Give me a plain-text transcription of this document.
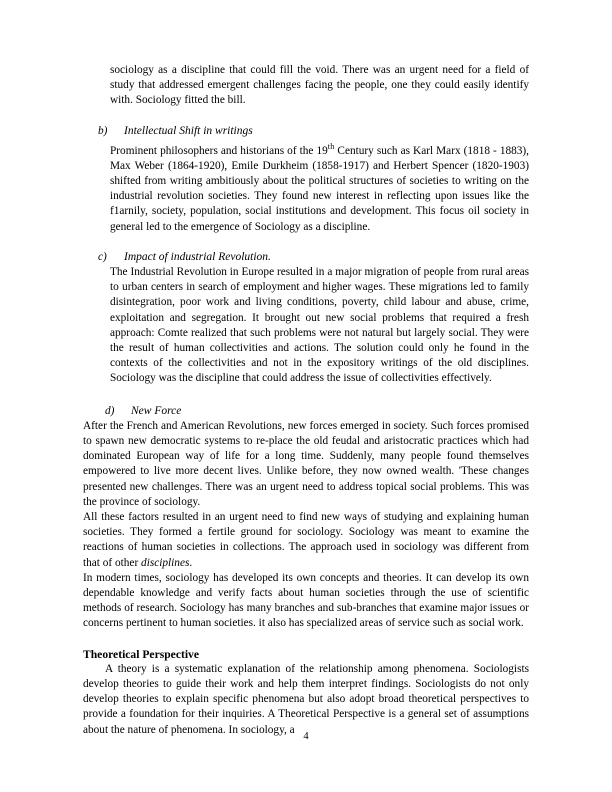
sociology as a discipline that could fill the void. There was an urgent need for a field of study that addressed emergent challenges facing the people, one they could easily identify with. Sociology fitted the bill.

b) Intellectual Shift in writings

Prominent philosophers and historians of the 19th Century such as Karl Marx (1818 - 1883), Max Weber (1864-1920), Emile Durkheim (1858-1917) and Herbert Spencer (1820-1903) shifted from writing ambitiously about the political structures of societies to writing on the industrial revolution societies. They found new interest in reflecting upon issues like the f1arnily, society, population, social institutions and development. This focus oil society in general led to the emergence of Sociology as a discipline.

c) Impact of industrial Revolution.

The Industrial Revolution in Europe resulted in a major migration of people from rural areas to urban centers in search of employment and higher wages. These migrations led to family disintegration, poor work and living conditions, poverty, child labour and abuse, crime, exploitation and segregation. It brought out new social problems that required a fresh approach: Comte realized that such problems were not natural but largely social. They were the result of human collectivities and actions. The solution could only he found in the contexts of the collectivities and not in the expository writings of the old disciplines. Sociology was the discipline that could address the issue of collectivities effectively.

d) New Force

After the French and American Revolutions, new forces emerged in society. Such forces promised to spawn new democratic systems to re-place the old feudal and aristocratic practices which had dominated European way of life for a long time. Suddenly, many people found themselves empowered to live more decent lives. Unlike before, they now owned wealth. 'These changes presented new challenges. There was an urgent need to address topical social problems. This was the province of sociology.

All these factors resulted in an urgent need to find new ways of studying and explaining human societies. They formed a fertile ground for sociology. Sociology was meant to examine the reactions of human societies in collections. The approach used in sociology was different from that of other disciplines.

In modern times, sociology has developed its own concepts and theories. It can develop its own dependable knowledge and verify facts about human societies through the use of scientific methods of research. Sociology has many branches and sub-branches that examine major issues or concerns pertinent to human societies. it also has specialized areas of service such as social work.

Theoretical Perspective

A theory is a systematic explanation of the relationship among phenomena. Sociologists develop theories to guide their work and help them interpret findings. Sociologists do not only develop theories to explain specific phenomena but also adopt broad theoretical perspectives to provide a foundation for their inquiries. A Theoretical Perspective is a general set of assumptions about the nature of phenomena. In sociology, a

4
